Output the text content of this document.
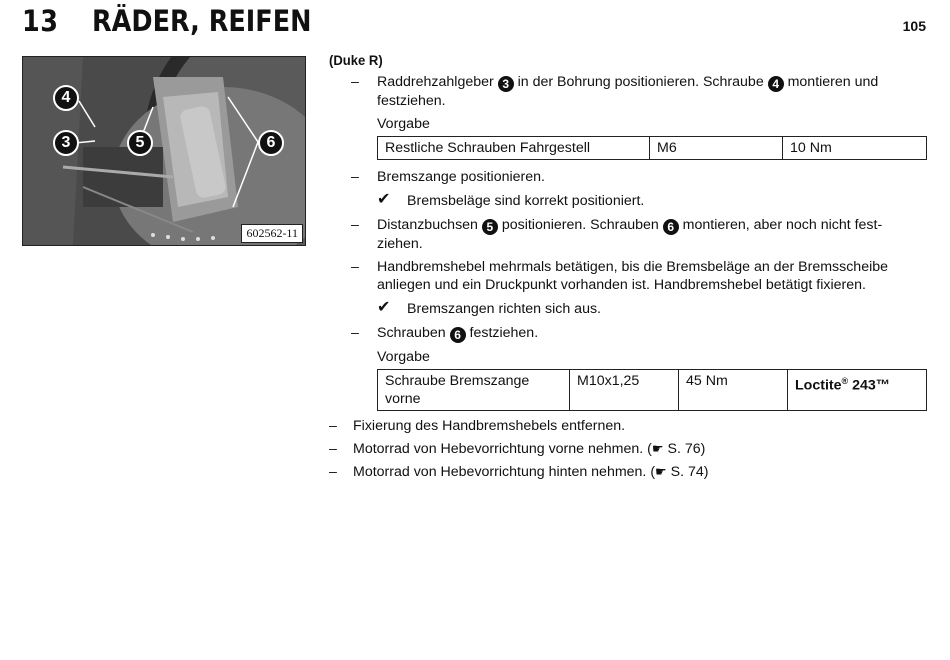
13 RÄDER, REIFEN	105
4
3	5	6
602562-11
(Duke R)
– Raddrehzahlgeber 3 in der Bohrung positionieren. Schraube 4 montieren und festziehen.
Vorgabe
Restliche Schrauben Fahrgestell	M6	10 Nm
– Bremszange positionieren.
✔ Bremsbeläge sind korrekt positioniert.
– Distanzbuchsen 5 positionieren. Schrauben 6 montieren, aber noch nicht fest-ziehen.
– Handbremshebel mehrmals betätigen, bis die Bremsbeläge an der Bremsscheibe anliegen und ein Druckpunkt vorhanden ist. Handbremshebel betätigt fixieren.
✔ Bremszangen richten sich aus.
– Schrauben 6 festziehen.
Vorgabe
Schraube Bremszange vorne	M10x1,25	45 Nm	Loctite® 243™
– Fixierung des Handbremshebels entfernen.
– Motorrad von Hebevorrichtung vorne nehmen. (☛ S. 76)
– Motorrad von Hebevorrichtung hinten nehmen. (☛ S. 74)
